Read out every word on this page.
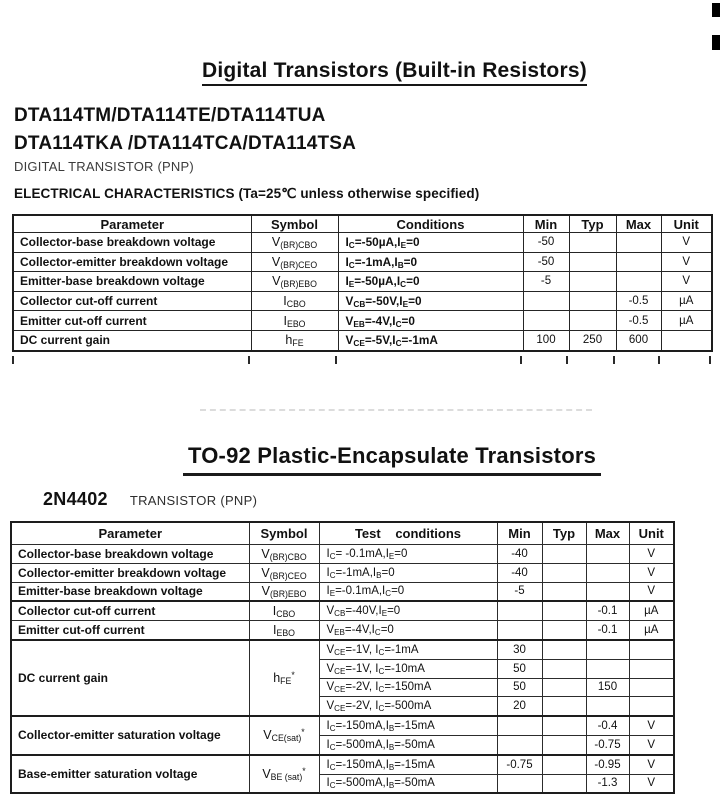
Digital Transistors (Built-in Resistors)
DTA114TM/DTA114TE/DTA114TUA
DTA114TKA /DTA114TCA/DTA114TSA
DIGITAL TRANSISTOR (PNP)
ELECTRICAL CHARACTERISTICS (Ta=25℃ unless otherwise specified)
Parameter	Symbol	Conditions	Min	Typ	Max	Unit
Collector-base breakdown voltage	$V_{(BR)CBO}$	$I_C=-50\mu A,I_E=0$	-50			V
Collector-emitter breakdown voltage	$V_{(BR)CEO}$	$I_C=-1mA,I_B=0$	-50			V
Emitter-base breakdown voltage	$V_{(BR)EBO}$	$I_E=-50\mu A,I_C=0$	-5			V
Collector cut-off current	$I_{CBO}$	$V_{CB}=-50V,I_E=0$			-0.5	µA
Emitter cut-off current	$I_{EBO}$	$V_{EB}=-4V,I_C=0$			-0.5	µA
DC current gain	$h_{FE}$	$V_{CE}=-5V,I_C=-1mA$	100	250	600	
TO-92 Plastic-Encapsulate Transistors
2N4402 TRANSISTOR (PNP)
Parameter	Symbol	Test conditions	Min	Typ	Max	Unit
Collector-base breakdown voltage	$V_{(BR)CBO}$	$I_C= -0.1mA,I_E=0$	-40			V
Collector-emitter breakdown voltage	$V_{(BR)CEO}$	$I_C=-1mA,I_B=0$	-40			V
Emitter-base breakdown voltage	$V_{(BR)EBO}$	$I_E=-0.1mA,I_C=0$	-5			V
Collector cut-off current	$I_{CBO}$	$V_{CB}=-40V,I_E=0$			-0.1	µA
Emitter cut-off current	$I_{EBO}$	$V_{EB}=-4V,I_C=0$			-0.1	µA
DC current gain	$h_{FE}^*$	$V_{CE}=-1V$, $I_C=-1mA$	30			
		$V_{CE}=-1V$, $I_C=-10mA$	50			
		$V_{CE}=-2V$, $I_C=-150mA$	50		150	
		$V_{CE}=-2V$, $I_C=-500mA$	20			
Collector-emitter saturation voltage	$V_{CE(sat)}^*$	$I_C=-150mA,I_B=-15mA$			-0.4	V
		$I_C=-500mA,I_B=-50mA$			-0.75	V
Base-emitter saturation voltage	$V_{BE (sat)}^*$	$I_C=-150mA,I_B=-15mA$	-0.75		-0.95	V
		$I_C=-500mA,I_B=-50mA$			-1.3	V
